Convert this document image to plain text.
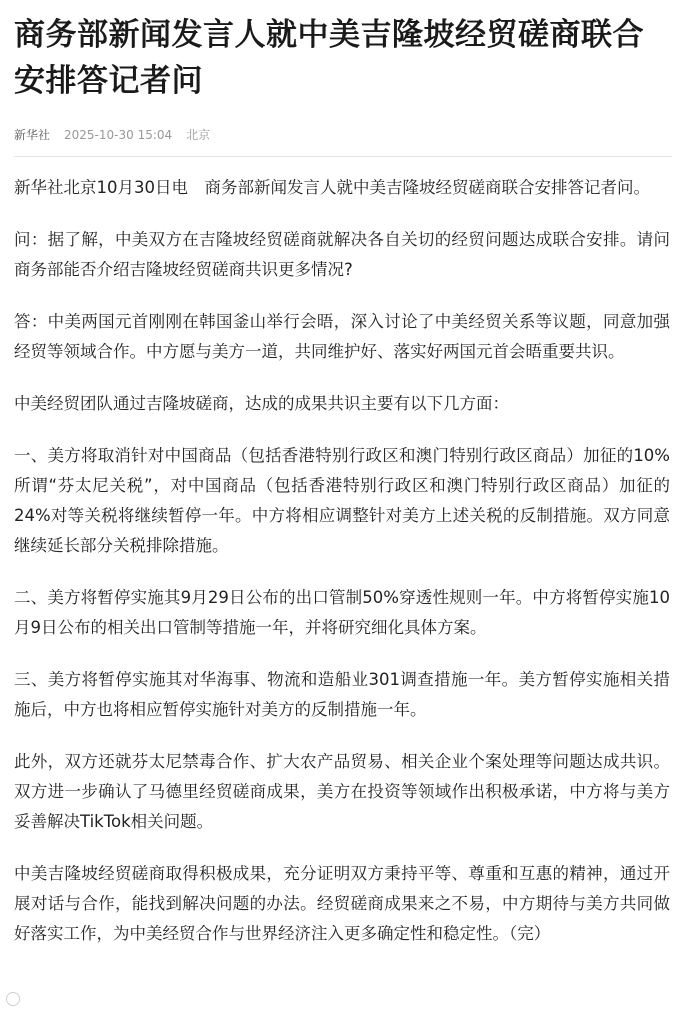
商务部新闻发言人就中美吉隆坡经贸磋商联合安排答记者问
新华社 2025-10-30 15:04 北京

新华社北京10月30日电　商务部新闻发言人就中美吉隆坡经贸磋商联合安排答记者问。

问：据了解，中美双方在吉隆坡经贸磋商就解决各自关切的经贸问题达成联合安排。请问商务部能否介绍吉隆坡经贸磋商共识更多情况?

答：中美两国元首刚刚在韩国釜山举行会晤，深入讨论了中美经贸关系等议题，同意加强经贸等领域合作。中方愿与美方一道，共同维护好、落实好两国元首会晤重要共识。

中美经贸团队通过吉隆坡磋商，达成的成果共识主要有以下几方面：

一、美方将取消针对中国商品（包括香港特别行政区和澳门特别行政区商品）加征的10%所谓“芬太尼关税”，对中国商品（包括香港特别行政区和澳门特别行政区商品）加征的24%对等关税将继续暂停一年。中方将相应调整针对美方上述关税的反制措施。双方同意继续延长部分关税排除措施。

二、美方将暂停实施其9月29日公布的出口管制50%穿透性规则一年。中方将暂停实施10月9日公布的相关出口管制等措施一年，并将研究细化具体方案。

三、美方将暂停实施其对华海事、物流和造船业301调查措施一年。美方暂停实施相关措施后，中方也将相应暂停实施针对美方的反制措施一年。

此外，双方还就芬太尼禁毒合作、扩大农产品贸易、相关企业个案处理等问题达成共识。双方进一步确认了马德里经贸磋商成果，美方在投资等领域作出积极承诺，中方将与美方妥善解决TikTok相关问题。

中美吉隆坡经贸磋商取得积极成果，充分证明双方秉持平等、尊重和互惠的精神，通过开展对话与合作，能找到解决问题的办法。经贸磋商成果来之不易，中方期待与美方共同做好落实工作，为中美经贸合作与世界经济注入更多确定性和稳定性。（完）
